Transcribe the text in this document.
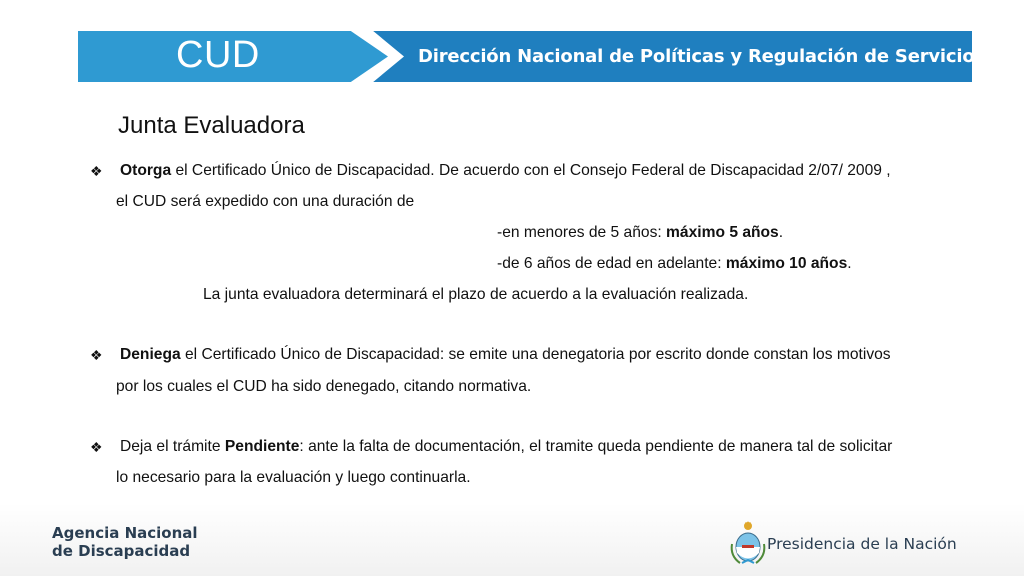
CUD	Dirección Nacional de Políticas y Regulación de Servicios
Junta Evaluadora
❖ Otorga el Certificado Único de Discapacidad. De acuerdo con el Consejo Federal de Discapacidad 2/07/ 2009 ,
el CUD será expedido con una duración de
-en menores de 5 años: máximo 5 años.
-de 6 años de edad en adelante: máximo 10 años.
La junta evaluadora determinará el plazo de acuerdo a la evaluación realizada.
❖ Deniega el Certificado Único de Discapacidad: se emite una denegatoria por escrito donde constan los motivos
por los cuales el CUD ha sido denegado, citando normativa.
❖ Deja el trámite Pendiente: ante la falta de documentación, el tramite queda pendiente de manera tal de solicitar
lo necesario para la evaluación y luego continuarla.
Agencia Nacional
de Discapacidad	Presidencia de la Nación
